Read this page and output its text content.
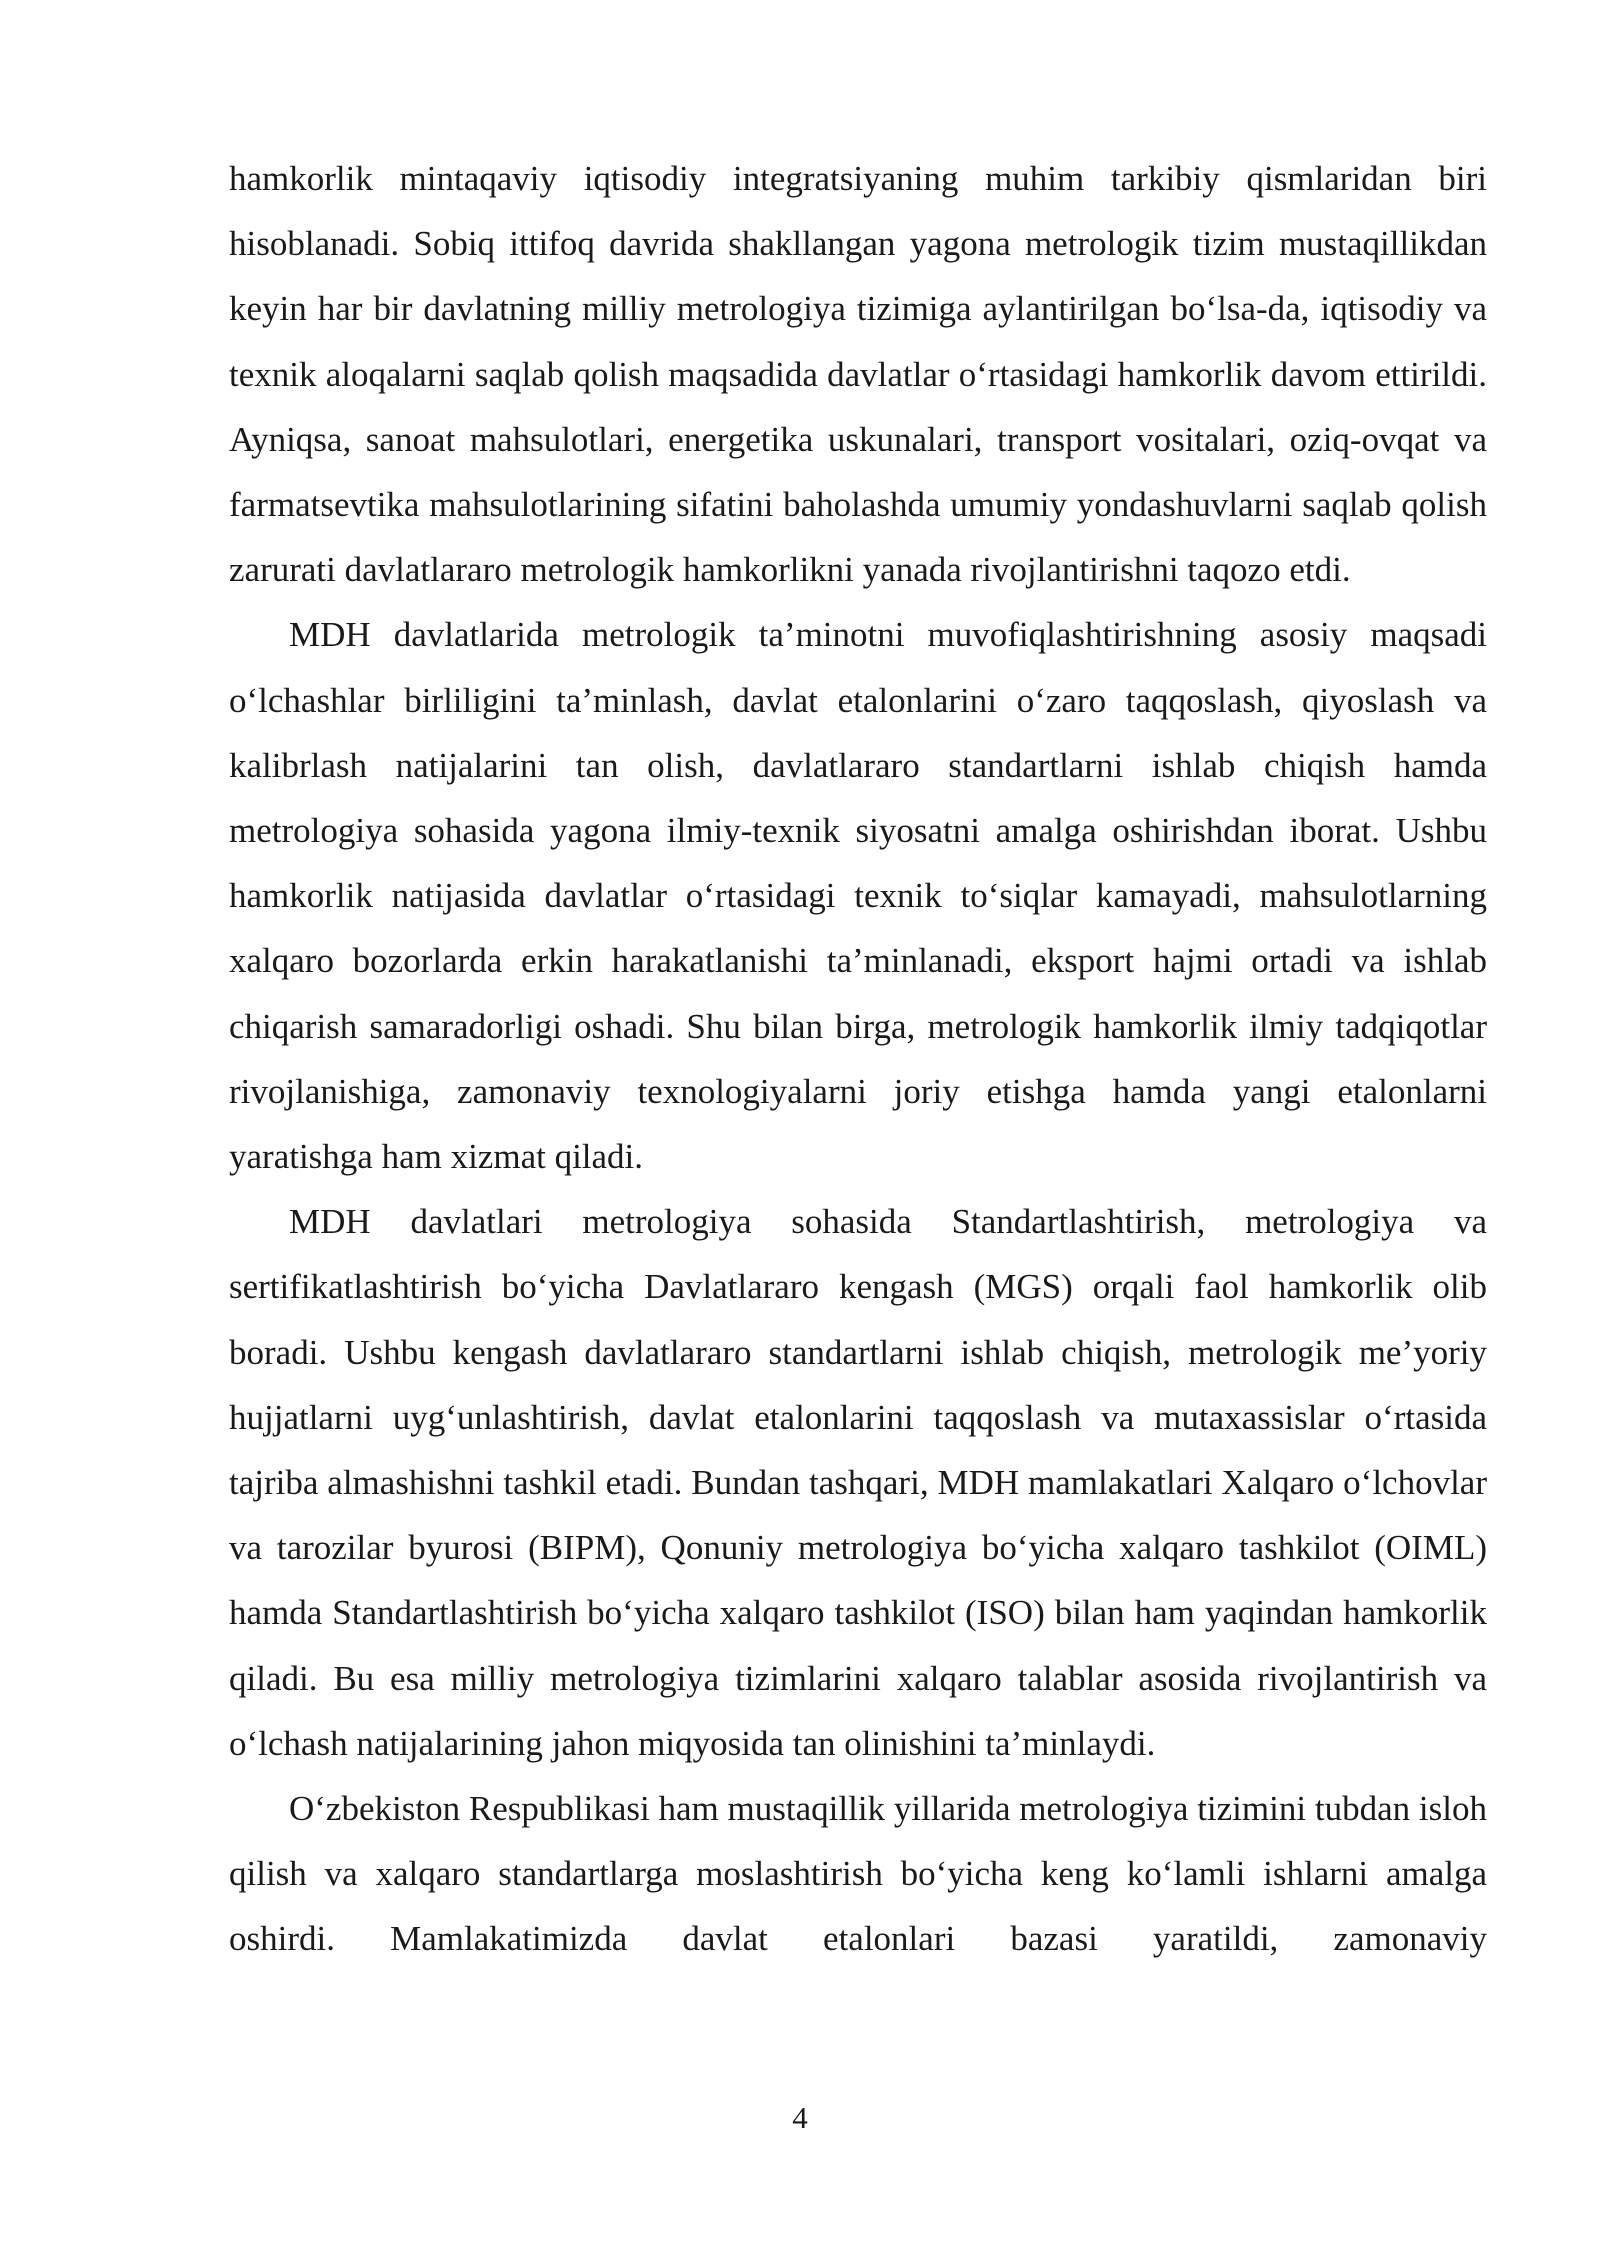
hamkorlik mintaqaviy iqtisodiy integratsiyaning muhim tarkibiy qismlaridan biri hisoblanadi. Sobiq ittifoq davrida shakllangan yagona metrologik tizim mustaqillikdan keyin har bir davlatning milliy metrologiya tizimiga aylantirilgan bo‘lsa-da, iqtisodiy va texnik aloqalarni saqlab qolish maqsadida davlatlar o‘rtasidagi hamkorlik davom ettirildi. Ayniqsa, sanoat mahsulotlari, energetika uskunalari, transport vositalari, oziq-ovqat va farmatsevtika mahsulotlarining sifatini baholashda umumiy yondashuvlarni saqlab qolish zarurati davlatlararo metrologik hamkorlikni yanada rivojlantirishni taqozo etdi.

MDH davlatlarida metrologik ta’minotni muvofiqlashtirishning asosiy maqsadi o‘lchashlar birliligini ta’minlash, davlat etalonlarini o‘zaro taqqoslash, qiyoslash va kalibrlash natijalarini tan olish, davlatlararo standartlarni ishlab chiqish hamda metrologiya sohasida yagona ilmiy-texnik siyosatni amalga oshirishdan iborat. Ushbu hamkorlik natijasida davlatlar o‘rtasidagi texnik to‘siqlar kamayadi, mahsulotlarning xalqaro bozorlarda erkin harakatlanishi ta’minlanadi, eksport hajmi ortadi va ishlab chiqarish samaradorligi oshadi. Shu bilan birga, metrologik hamkorlik ilmiy tadqiqotlar rivojlanishiga, zamonaviy texnologiyalarni joriy etishga hamda yangi etalonlarni yaratishga ham xizmat qiladi.

MDH davlatlari metrologiya sohasida Standartlashtirish, metrologiya va sertifikatlashtirish bo‘yicha Davlatlararo kengash (MGS) orqali faol hamkorlik olib boradi. Ushbu kengash davlatlararo standartlarni ishlab chiqish, metrologik me’yoriy hujjatlarni uyg‘unlashtirish, davlat etalonlarini taqqoslash va mutaxassislar o‘rtasida tajriba almashishni tashkil etadi. Bundan tashqari, MDH mamlakatlari Xalqaro o‘lchovlar va tarozilar byurosi (BIPM), Qonuniy metrologiya bo‘yicha xalqaro tashkilot (OIML) hamda Standartlashtirish bo‘yicha xalqaro tashkilot (ISO) bilan ham yaqindan hamkorlik qiladi. Bu esa milliy metrologiya tizimlarini xalqaro talablar asosida rivojlantirish va o‘lchash natijalarining jahon miqyosida tan olinishini ta’minlaydi.

O‘zbekiston Respublikasi ham mustaqillik yillarida metrologiya tizimini tubdan isloh qilish va xalqaro standartlarga moslashtirish bo‘yicha keng ko‘lamli ishlarni amalga oshirdi. Mamlakatimizda davlat etalonlari bazasi yaratildi, zamonaviy

4
